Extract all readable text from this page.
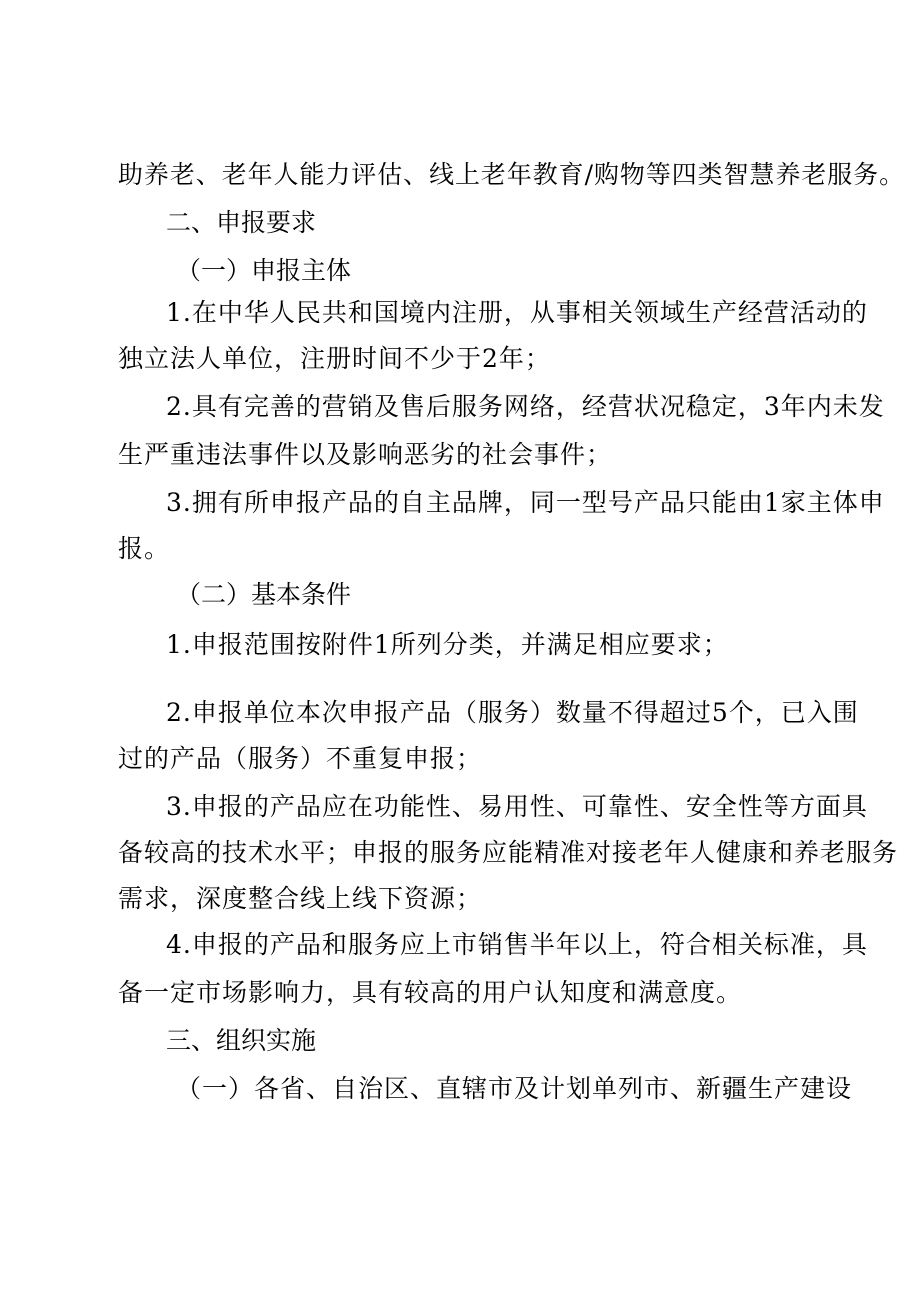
助养老、老年人能力评估、线上老年教育/购物等四类智慧养老服务。
二、申报要求
（一）申报主体
1.在中华人民共和国境内注册，从事相关领域生产经营活动的
独立法人单位，注册时间不少于2年；
2.具有完善的营销及售后服务网络，经营状况稳定，3年内未发
生严重违法事件以及影响恶劣的社会事件；
3.拥有所申报产品的自主品牌，同一型号产品只能由1家主体申
报。
（二）基本条件
1.申报范围按附件1所列分类，并满足相应要求；
2.申报单位本次申报产品（服务）数量不得超过5个，已入围
过的产品（服务）不重复申报；
3.申报的产品应在功能性、易用性、可靠性、安全性等方面具
备较高的技术水平；申报的服务应能精准对接老年人健康和养老服务
需求，深度整合线上线下资源；
4.申报的产品和服务应上市销售半年以上，符合相关标准，具
备一定市场影响力，具有较高的用户认知度和满意度。
三、组织实施
（一）各省、自治区、直辖市及计划单列市、新疆生产建设
